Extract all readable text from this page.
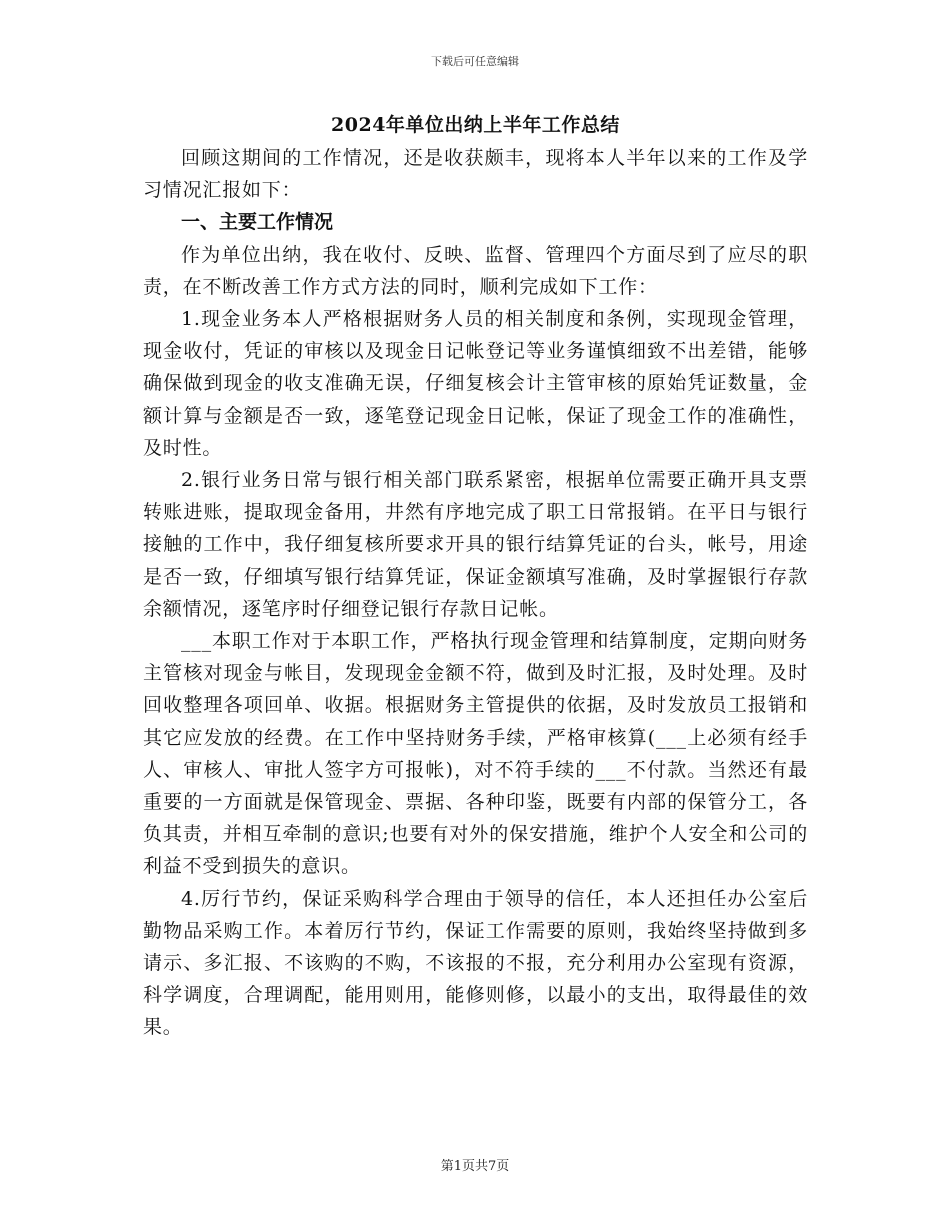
下载后可任意编辑
2024年单位出纳上半年工作总结

回顾这期间的工作情况，还是收获颇丰，现将本人半年以来的工作及学习情况汇报如下：

一、主要工作情况

作为单位出纳，我在收付、反映、监督、管理四个方面尽到了应尽的职责，在不断改善工作方式方法的同时，顺利完成如下工作：

1.现金业务本人严格根据财务人员的相关制度和条例，实现现金管理，现金收付，凭证的审核以及现金日记帐登记等业务谨慎细致不出差错，能够确保做到现金的收支准确无误，仔细复核会计主管审核的原始凭证数量，金额计算与金额是否一致，逐笔登记现金日记帐，保证了现金工作的准确性，及时性。

2.银行业务日常与银行相关部门联系紧密，根据单位需要正确开具支票转账进账，提取现金备用，井然有序地完成了职工日常报销。在平日与银行接触的工作中，我仔细复核所要求开具的银行结算凭证的台头，帐号，用途是否一致，仔细填写银行结算凭证，保证金额填写准确，及时掌握银行存款余额情况，逐笔序时仔细登记银行存款日记帐。

___本职工作对于本职工作，严格执行现金管理和结算制度，定期向财务主管核对现金与帐目，发现现金金额不符，做到及时汇报，及时处理。及时回收整理各项回单、收据。根据财务主管提供的依据，及时发放员工报销和其它应发放的经费。在工作中坚持财务手续，严格审核算(___上必须有经手人、审核人、审批人签字方可报帐)，对不符手续的___不付款。当然还有最重要的一方面就是保管现金、票据、各种印鉴，既要有内部的保管分工，各负其责，并相互牵制的意识;也要有对外的保安措施，维护个人安全和公司的利益不受到损失的意识。

4.厉行节约，保证采购科学合理由于领导的信任，本人还担任办公室后勤物品采购工作。本着厉行节约，保证工作需要的原则，我始终坚持做到多请示、多汇报、不该购的不购，不该报的不报，充分利用办公室现有资源，科学调度，合理调配，能用则用，能修则修，以最小的支出，取得最佳的效果。

第1页共7页
